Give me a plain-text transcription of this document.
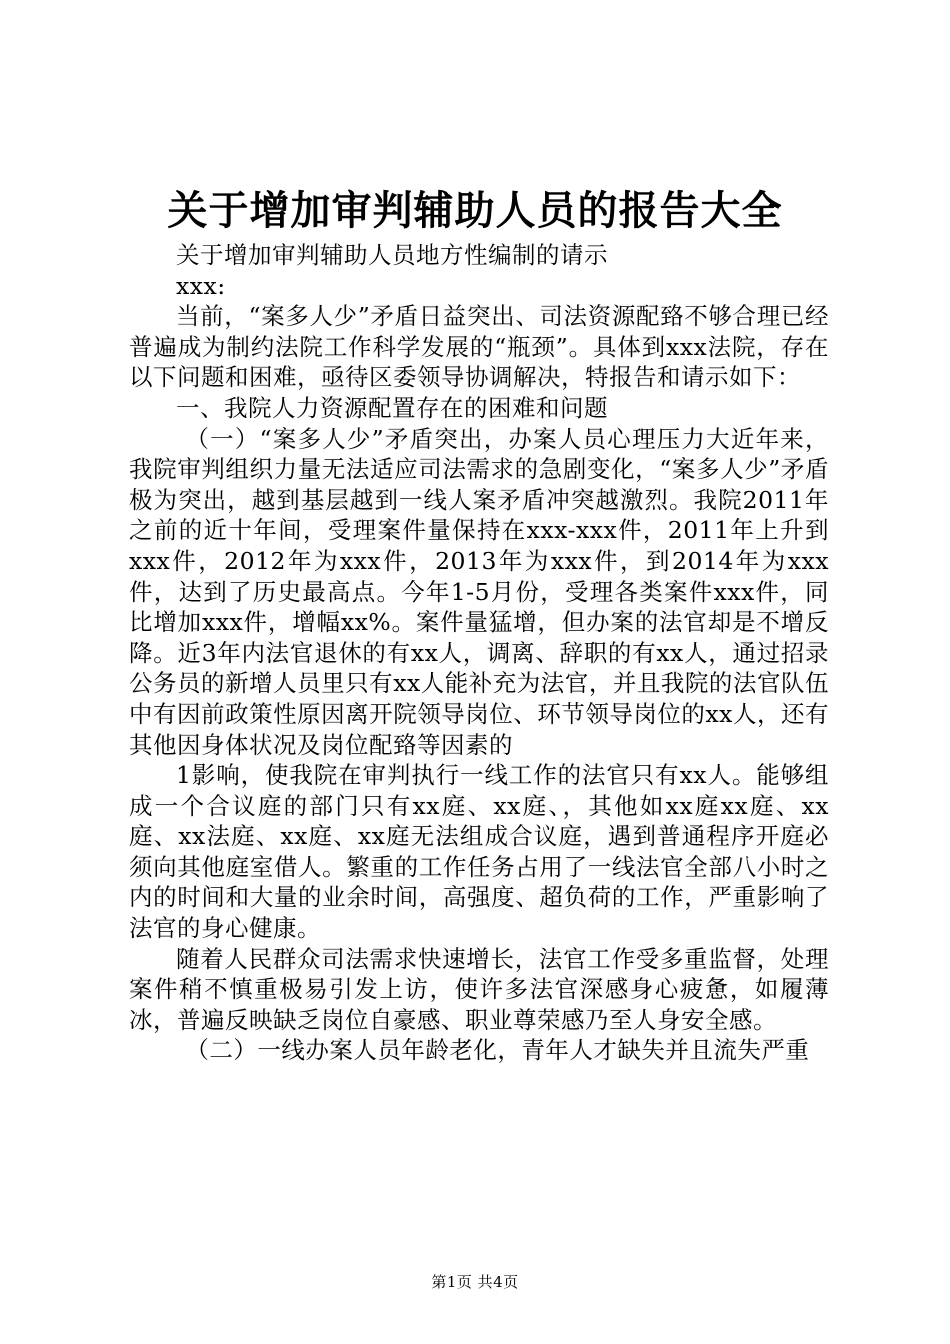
关于增加审判辅助人员的报告大全

关于增加审判辅助人员地方性编制的请示

xxx:

当前，“案多人少”矛盾日益突出、司法资源配臵不够合理已经普遍成为制约法院工作科学发展的“瓶颈”。具体到xxx法院，存在以下问题和困难，亟待区委领导协调解决，特报告和请示如下：

一、我院人力资源配置存在的困难和问题

（一）“案多人少”矛盾突出，办案人员心理压力大近年来，我院审判组织力量无法适应司法需求的急剧变化，“案多人少”矛盾极为突出，越到基层越到一线人案矛盾冲突越激烈。我院2011年之前的近十年间，受理案件量保持在xxx-xxx件，2011年上升到xxx件，2012年为xxx件，2013年为xxx件，到2014年为xxx件，达到了历史最高点。今年1-5月份，受理各类案件xxx件，同比增加xxx件，增幅xx%。案件量猛增，但办案的法官却是不增反降。近3年内法官退休的有xx人，调离、辞职的有xx人，通过招录公务员的新增人员里只有xx人能补充为法官，并且我院的法官队伍中有因前政策性原因离开院领导岗位、环节领导岗位的xx人，还有其他因身体状况及岗位配臵等因素的

1影响，使我院在审判执行一线工作的法官只有xx人。能够组成一个合议庭的部门只有xx庭、xx庭、，其他如xx庭xx庭、xx庭、xx法庭、xx庭、xx庭无法组成合议庭，遇到普通程序开庭必须向其他庭室借人。繁重的工作任务占用了一线法官全部八小时之内的时间和大量的业余时间，高强度、超负荷的工作，严重影响了法官的身心健康。

随着人民群众司法需求快速增长，法官工作受多重监督，处理案件稍不慎重极易引发上访，使许多法官深感身心疲惫，如履薄冰，普遍反映缺乏岗位自豪感、职业尊荣感乃至人身安全感。

（二）一线办案人员年龄老化，青年人才缺失并且流失严重

第1页 共4页
